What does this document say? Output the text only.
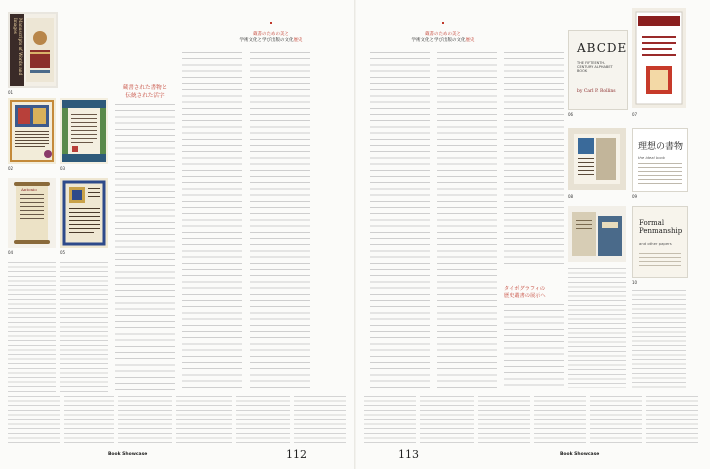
蔵書のための美と
学術文化と学び出版の文化歴史
Manuscripts of Words and Images
01
02	03
Antonio
04	05
蔵書された書物と
伝統された活字
Book Showcase	112
蔵書のための美と
学術文化と学び出版の文化歴史
タイポグラフィの
歴史叢書の展示へ
ABCDE
THE FIFTEENTH-CENTURY ALPHABET BOOK
by Carl P. Rollins
06	07
理想の書物
the ideal book
08	09
Formal Penmanship
and other papers
10
113	Book Showcase
